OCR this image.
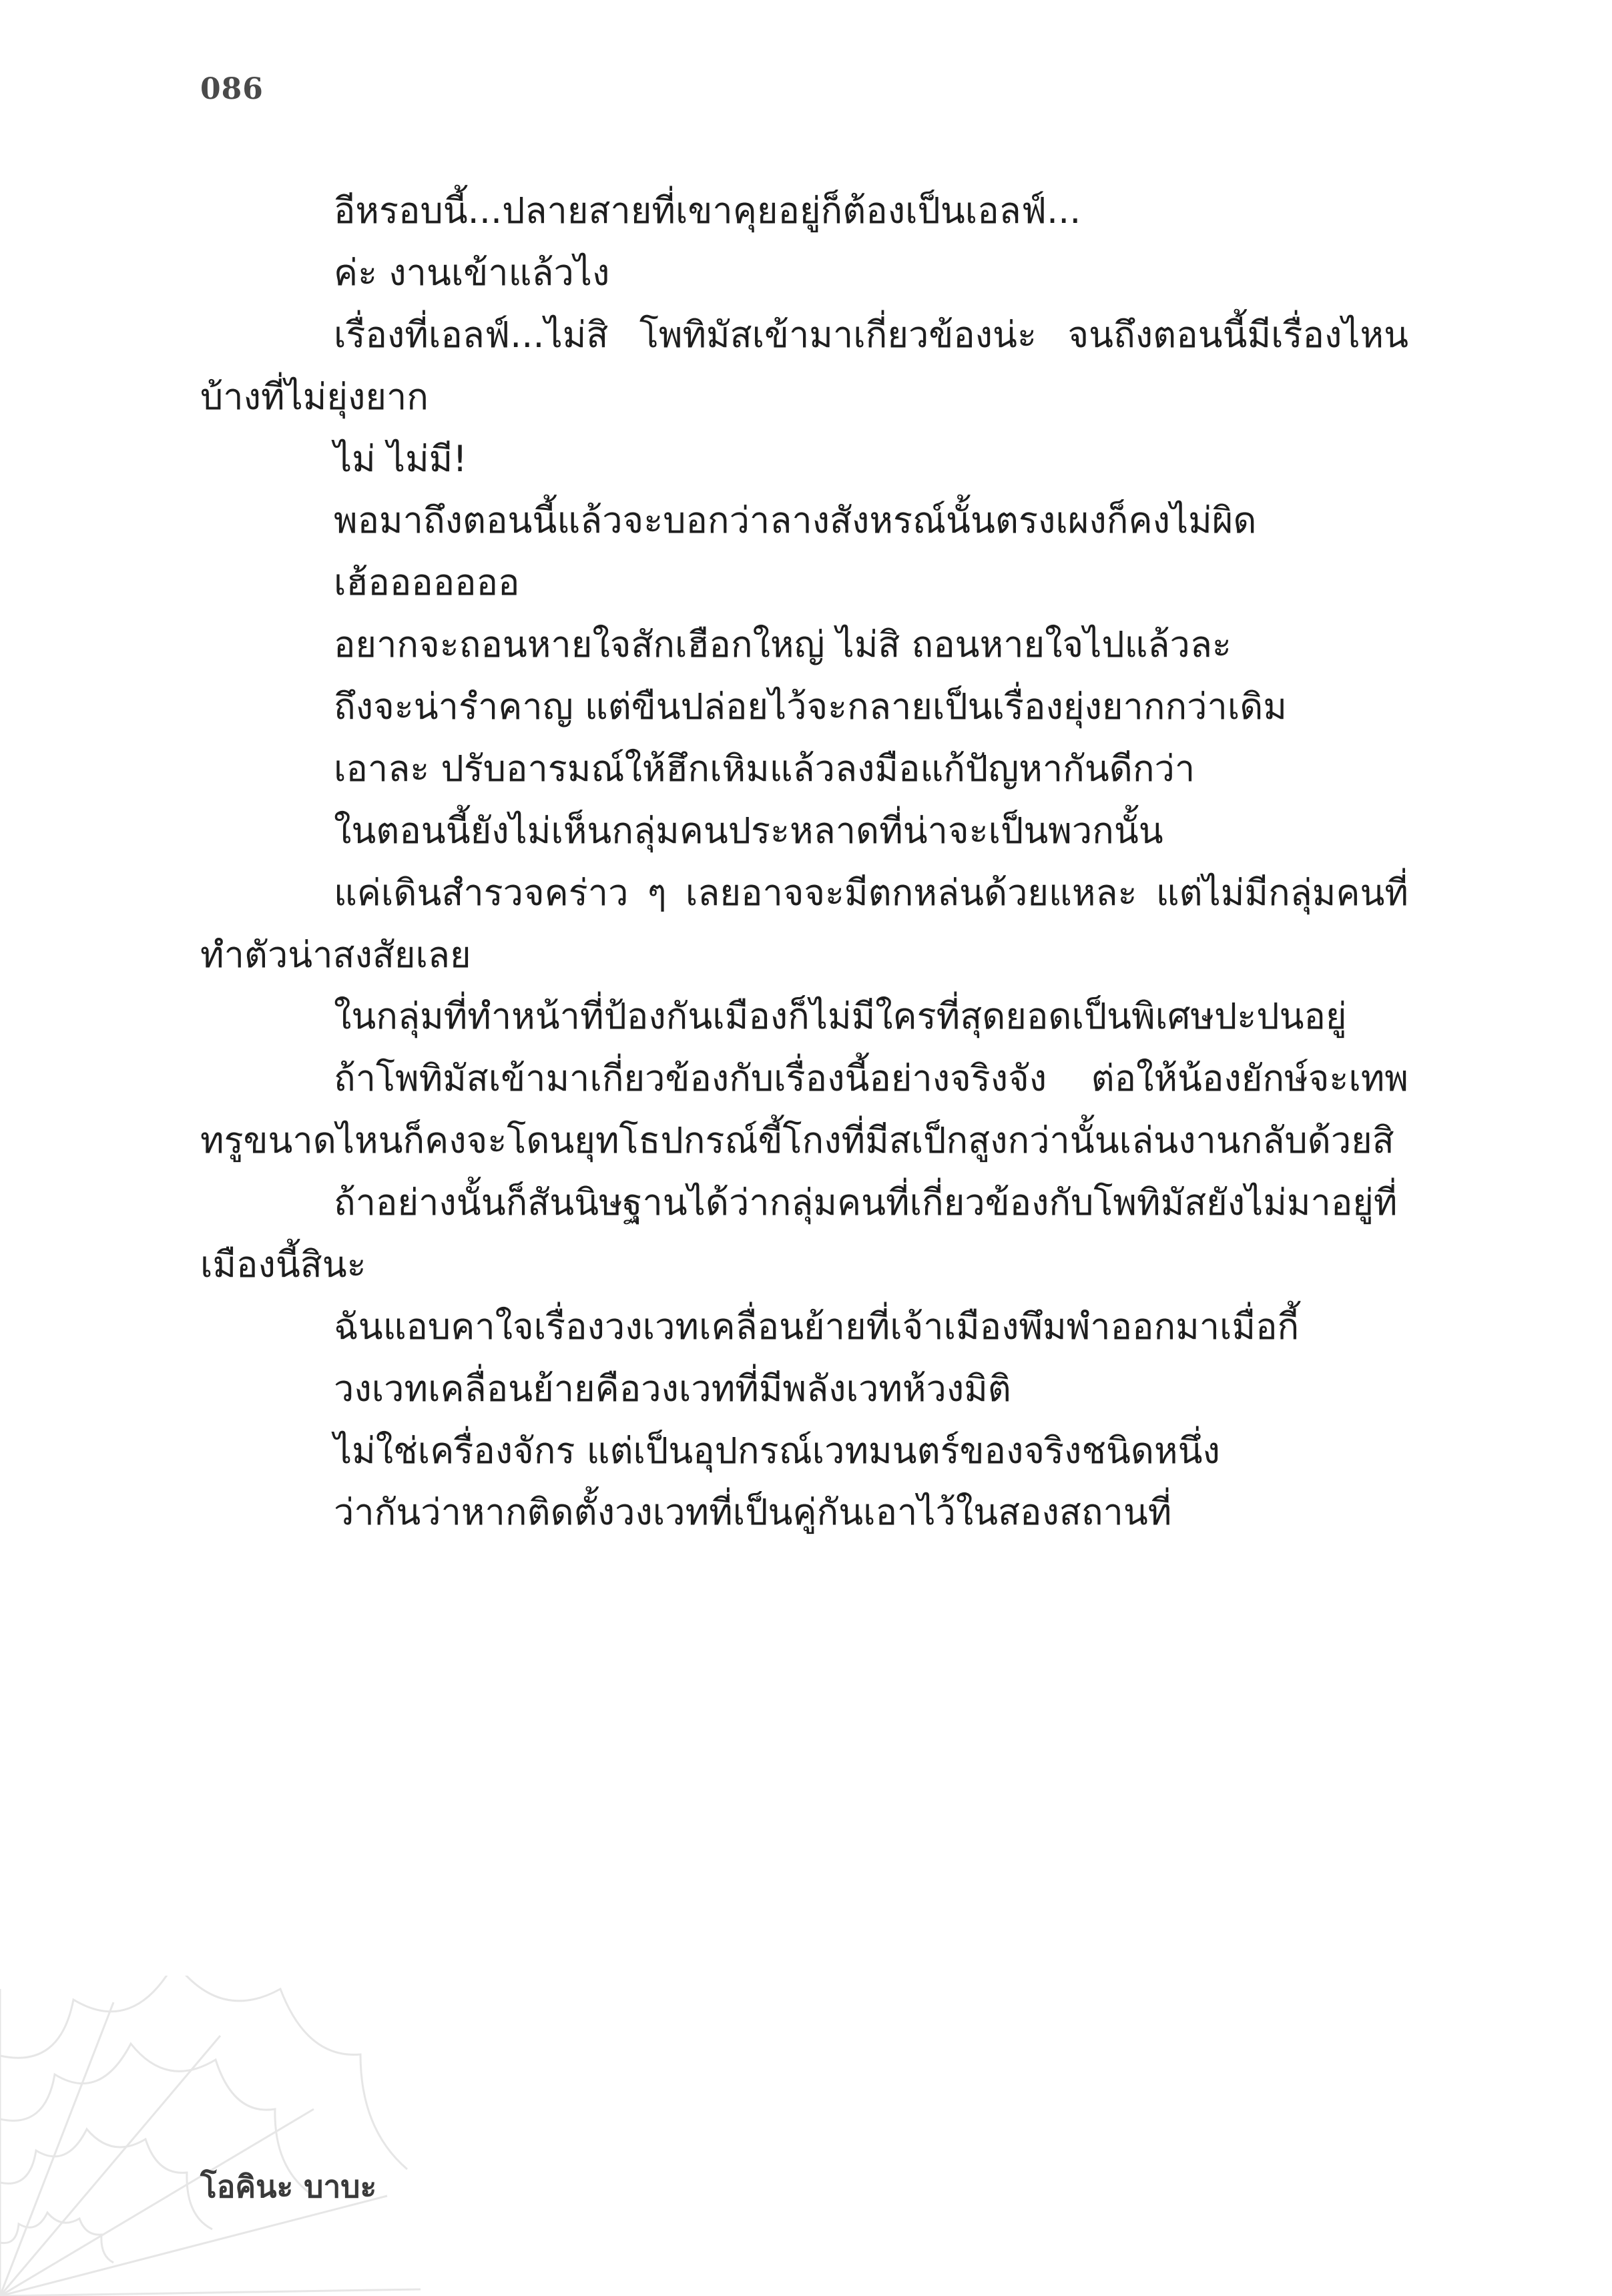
086

อีหรอบนี้...ปลายสายที่เขาคุยอยู่ก็ต้องเป็นเอลฟ์...

ค่ะ งานเข้าแล้วไง

เรื่องที่เอลฟ์...ไม่สิ โพทิมัสเข้ามาเกี่ยวข้องน่ะ จนถึงตอนนี้มีเรื่องไหนบ้างที่ไม่ยุ่งยาก

ไม่ ไม่มี!

พอมาถึงตอนนี้แล้วจะบอกว่าลางสังหรณ์นั้นตรงเผงก็คงไม่ผิด

เฮ้อออออออ

อยากจะถอนหายใจสักเฮือกใหญ่ ไม่สิ ถอนหายใจไปแล้วละ

ถึงจะน่ารำคาญ แต่ขืนปล่อยไว้จะกลายเป็นเรื่องยุ่งยากกว่าเดิม

เอาละ ปรับอารมณ์ให้ฮึกเหิมแล้วลงมือแก้ปัญหากันดีกว่า

ในตอนนี้ยังไม่เห็นกลุ่มคนประหลาดที่น่าจะเป็นพวกนั้น

แค่เดินสำรวจคร่าว ๆ เลยอาจจะมีตกหล่นด้วยแหละ แต่ไม่มีกลุ่มคนที่ทำตัวน่าสงสัยเลย

ในกลุ่มที่ทำหน้าที่ป้องกันเมืองก็ไม่มีใครที่สุดยอดเป็นพิเศษปะปนอยู่

ถ้าโพทิมัสเข้ามาเกี่ยวข้องกับเรื่องนี้อย่างจริงจัง ต่อให้น้องยักษ์จะเทพทรูขนาดไหนก็คงจะโดนยุทโธปกรณ์ขี้โกงที่มีสเป็กสูงกว่านั้นเล่นงานกลับด้วยสิ

ถ้าอย่างนั้นก็สันนิษฐานได้ว่ากลุ่มคนที่เกี่ยวข้องกับโพทิมัสยังไม่มาอยู่ที่เมืองนี้สินะ

ฉันแอบคาใจเรื่องวงเวทเคลื่อนย้ายที่เจ้าเมืองพึมพำออกมาเมื่อกี้

วงเวทเคลื่อนย้ายคือวงเวทที่มีพลังเวทห้วงมิติ

ไม่ใช่เครื่องจักร แต่เป็นอุปกรณ์เวทมนตร์ของจริงชนิดหนึ่ง

ว่ากันว่าหากติดตั้งวงเวทที่เป็นคู่กันเอาไว้ในสองสถานที่

โอคินะ บาบะ
